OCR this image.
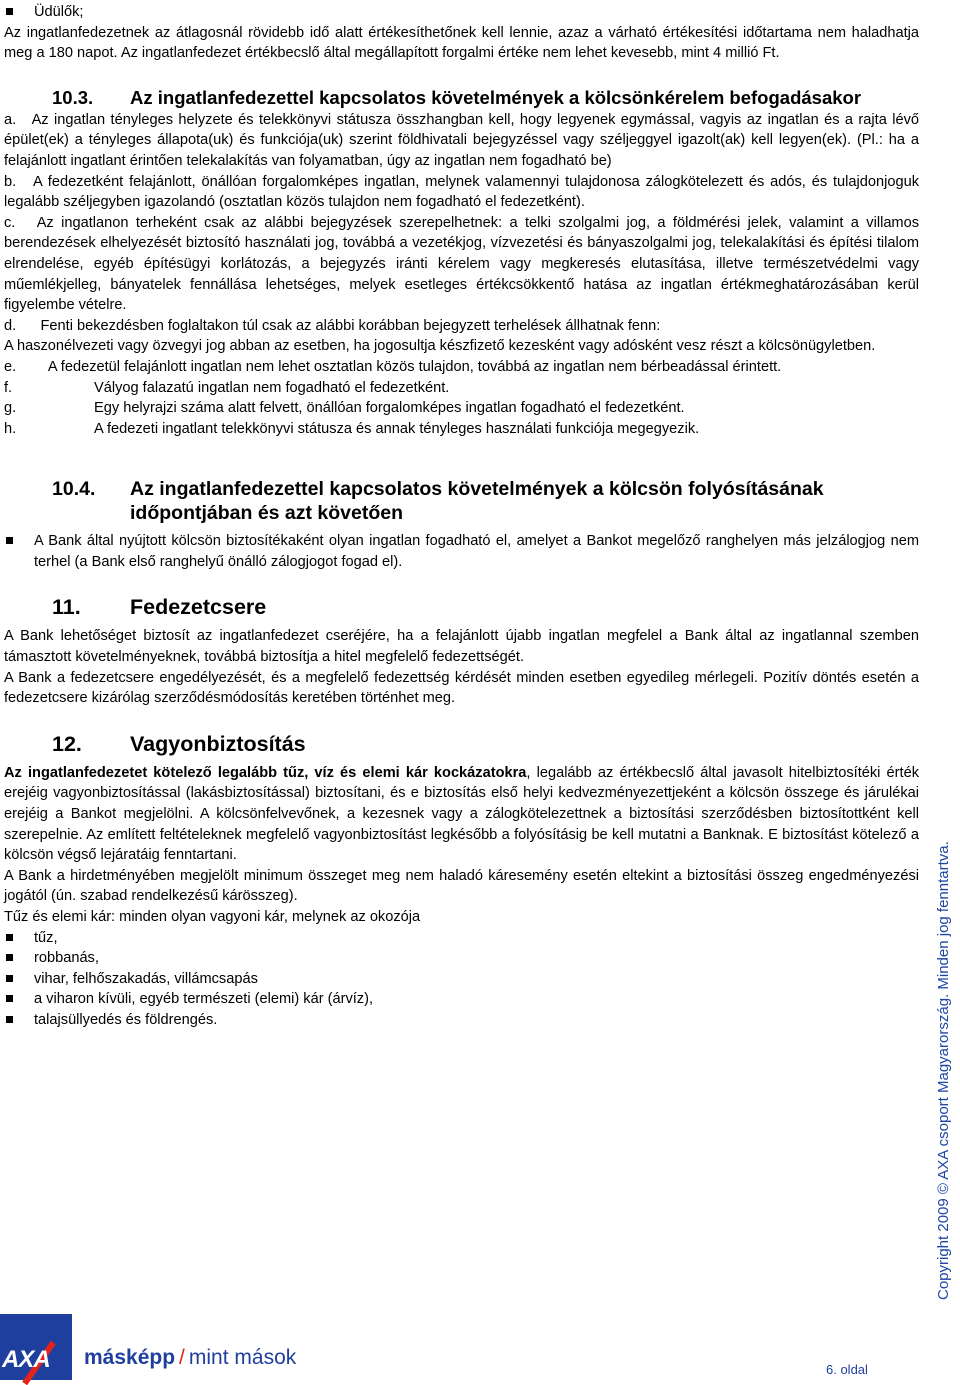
Üdülők;

Az ingatlanfedezetnek az átlagosnál rövidebb idő alatt értékesíthetőnek kell lennie, azaz a várható értékesítési időtartama nem haladhatja meg a 180 napot. Az ingatlanfedezet értékbecslő által megállapított forgalmi értéke nem lehet kevesebb, mint 4 millió Ft.

10.3.	Az ingatlanfedezettel kapcsolatos követelmények a kölcsönkérelem befogadásakor

a. Az ingatlan tényleges helyzete és telekkönyvi státusza összhangban kell, hogy legyenek egymással, vagyis az ingatlan és a rajta lévő épület(ek) a tényleges állapota(uk) és funkciója(uk) szerint földhivatali bejegyzéssel vagy széljeggyel igazolt(ak) kell legyen(ek). (Pl.: ha a felajánlott ingatlant érintően telekalakítás van folyamatban, úgy az ingatlan nem fogadható be)

b. A fedezetként felajánlott, önállóan forgalomképes ingatlan, melynek valamennyi tulajdonosa zálogkötelezett és adós, és tulajdonjoguk legalább széljegyben igazolandó (osztatlan közös tulajdon nem fogadható el fedezetként).

c. Az ingatlanon terheként csak az alábbi bejegyzések szerepelhetnek: a telki szolgalmi jog, a földmérési jelek, valamint a villamos berendezések elhelyezését biztosító használati jog, továbbá a vezetékjog, vízvezetési és bányaszolgalmi jog, telekalakítási és építési tilalom elrendelése, egyéb építésügyi korlátozás, a bejegyzés iránti kérelem vagy megkeresés elutasítása, illetve természetvédelmi vagy műemlékjelleg, bányatelek fennállása lehetséges, melyek esetleges értékcsökkentő hatása az ingatlan értékmeghatározásában kerül figyelembe vételre.

d. Fenti bekezdésben foglaltakon túl csak az alábbi korábban bejegyzett terhelések állhatnak fenn:

A haszonélvezeti vagy özvegyi jog abban az esetben, ha jogosultja készfizető kezesként vagy adósként vesz részt a kölcsönügyletben.

e. A fedezetül felajánlott ingatlan nem lehet osztatlan közös tulajdon, továbbá az ingatlan nem bérbeadással érintett.

f.	Vályog falazatú ingatlan nem fogadható el fedezetként.

g.	Egy helyrajzi száma alatt felvett, önállóan forgalomképes ingatlan fogadható el fedezetként.

h.	A fedezeti ingatlant telekkönyvi státusza és annak tényleges használati funkciója megegyezik.

10.4.	Az ingatlanfedezettel kapcsolatos követelmények a kölcsön folyósításának időpontjában és azt követően
A Bank által nyújtott kölcsön biztosítékaként olyan ingatlan fogadható el, amelyet a Bankot megelőző ranghelyen más jelzálogjog nem terhel (a Bank első ranghelyű önálló zálogjogot fogad el).
11.	Fedezetcsere

A Bank lehetőséget biztosít az ingatlanfedezet cseréjére, ha a felajánlott újabb ingatlan megfelel a Bank által az ingatlannal szemben támasztott követelményeknek, továbbá biztosítja a hitel megfelelő fedezettségét.

A Bank a fedezetcsere engedélyezését, és a megfelelő fedezettség kérdését minden esetben egyedileg mérlegeli. Pozitív döntés esetén a fedezetcsere kizárólag szerződésmódosítás keretében történhet meg.

12.	Vagyonbiztosítás

Az ingatlanfedezetet kötelező legalább tűz, víz és elemi kár kockázatokra, legalább az értékbecslő által javasolt hitelbiztosítéki érték erejéig vagyonbiztosítással (lakásbiztosítással) biztosítani, és e biztosítás első helyi kedvezményezettjeként a kölcsön összege és járulékai erejéig a Bankot megjelölni. A kölcsönfelvevőnek, a kezesnek vagy a zálogkötelezettnek a biztosítási szerződésben biztosítottként kell szerepelnie. Az említett feltételeknek megfelelő vagyonbiztosítást legkésőbb a folyósításig be kell mutatni a Banknak. E biztosítást kötelező a kölcsön végső lejáratáig fenntartani.

A Bank a hirdetményében megjelölt minimum összeget meg nem haladó káresemény esetén eltekint a biztosítási összeg engedményezési jogától (ún. szabad rendelkezésű kárösszeg).

Tűz és elemi kár: minden olyan vagyoni kár, melynek az okozója

tűz,
robbanás,
vihar, felhőszakadás, villámcsapás
a viharon kívüli, egyéb természeti (elemi) kár (árvíz),
talajsüllyedés és földrengés.	Copyright 2009 © AXA csoport Magyarország. Minden jog fenntartva.
AXA másképp / mint mások
6. oldal
